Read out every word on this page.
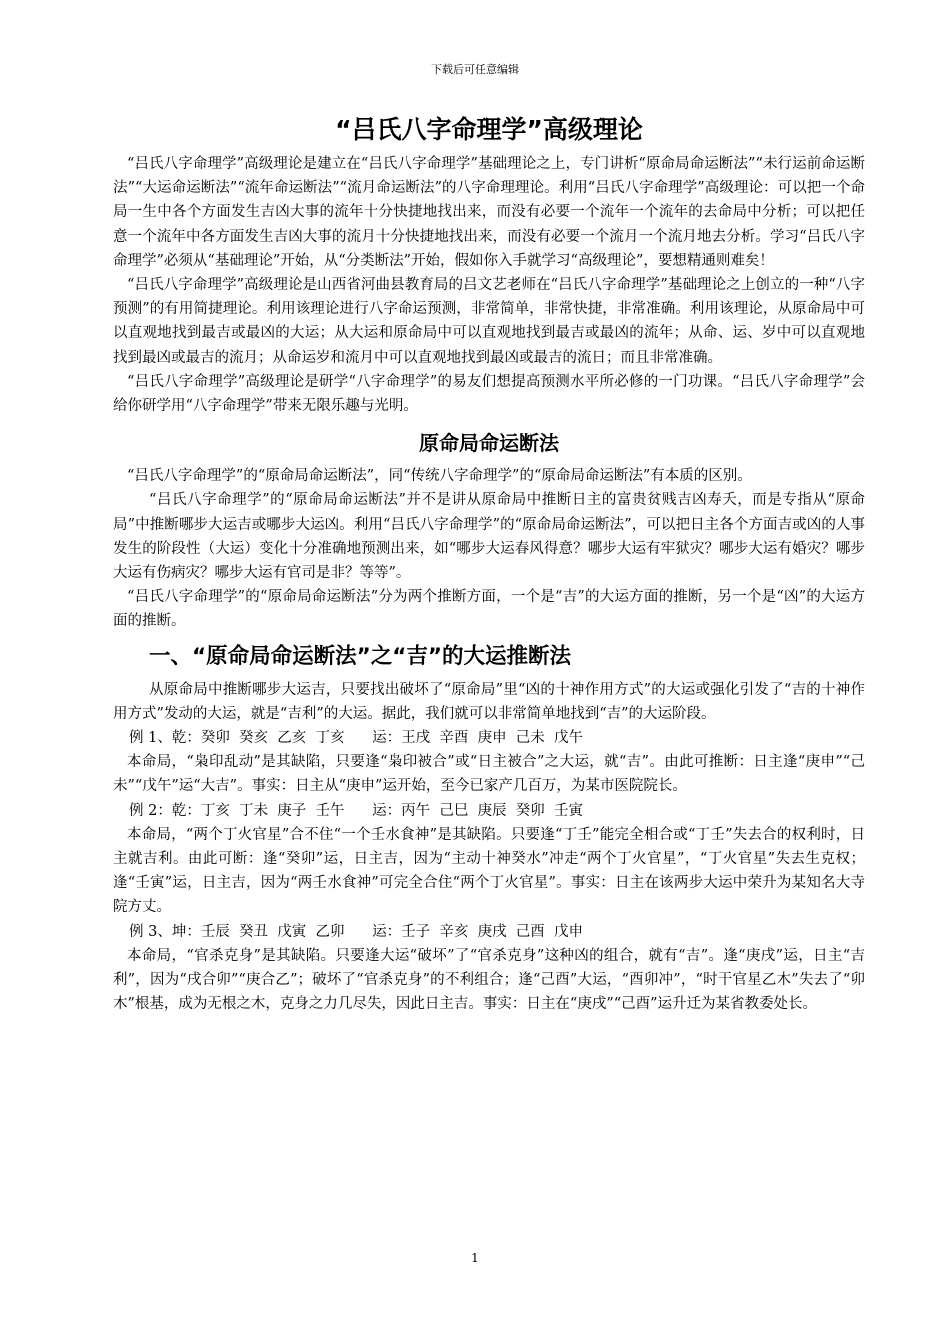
下载后可任意编辑
“吕氏八字命理学”高级理论

“吕氏八字命理学”高级理论是建立在“吕氏八字命理学”基础理论之上，专门讲析“原命局命运断法”“未行运前命运断法”“大运命运断法”“流年命运断法”“流月命运断法”的八字命理理论。利用“吕氏八字命理学”高级理论：可以把一个命局一生中各个方面发生吉凶大事的流年十分快捷地找出来，而没有必要一个流年一个流年的去命局中分析；可以把任意一个流年中各方面发生吉凶大事的流月十分快捷地找出来，而没有必要一个流月一个流月地去分析。学习“吕氏八字命理学”必须从“基础理论”开始，从“分类断法”开始，假如你入手就学习“高级理论”，要想精通则难矣！

“吕氏八字命理学”高级理论是山西省河曲县教育局的吕文艺老师在“吕氏八字命理学”基础理论之上创立的一种“八字预测”的有用简捷理论。利用该理论进行八字命运预测，非常简单，非常快捷，非常准确。利用该理论，从原命局中可以直观地找到最吉或最凶的大运；从大运和原命局中可以直观地找到最吉或最凶的流年；从命、运、岁中可以直观地找到最凶或最吉的流月；从命运岁和流月中可以直观地找到最凶或最吉的流日；而且非常准确。

“吕氏八字命理学”高级理论是研学“八字命理学”的易友们想提高预测水平所必修的一门功课。“吕氏八字命理学”会给你研学用“八字命理学”带来无限乐趣与光明。

原命局命运断法

“吕氏八字命理学”的“原命局命运断法”，同“传统八字命理学”的“原命局命运断法”有本质的区别。

“吕氏八字命理学”的“原命局命运断法”并不是讲从原命局中推断日主的富贵贫贱吉凶寿夭，而是专指从“原命局”中推断哪步大运吉或哪步大运凶。利用“吕氏八字命理学”的“原命局命运断法”，可以把日主各个方面吉或凶的人事发生的阶段性（大运）变化十分准确地预测出来，如“哪步大运春风得意？哪步大运有牢狱灾？哪步大运有婚灾？哪步大运有伤病灾？哪步大运有官司是非？等等”。

“吕氏八字命理学”的“原命局命运断法”分为两个推断方面，一个是“吉”的大运方面的推断，另一个是“凶”的大运方面的推断。

一、“原命局命运断法”之“吉”的大运推断法

从原命局中推断哪步大运吉，只要找出破坏了“原命局”里“凶的十神作用方式”的大运或强化引发了“吉的十神作用方式”发动的大运，就是“吉利”的大运。据此，我们就可以非常简单地找到“吉”的大运阶段。

例 1、乾：癸卯  癸亥  乙亥  丁亥      运：王戌  辛酉  庚申  己未  戊午

本命局，“枭印乱动”是其缺陷，只要逢“枭印被合”或“日主被合”之大运，就“吉”。由此可推断：日主逢“庚申”“己未”“戊午”运“大吉”。事实：日主从“庚申”运开始，至今已家产几百万，为某市医院院长。

例 2：乾：丁亥  丁未  庚子  壬午      运：丙午  己巳  庚辰  癸卯  壬寅

本命局，“两个丁火官星”合不住“一个壬水食神”是其缺陷。只要逢“丁壬”能完全相合或“丁壬”失去合的权利时，日主就吉利。由此可断：逢“癸卯”运，日主吉，因为“主动十神癸水”冲走“两个丁火官星”，“丁火官星”失去生克权；逢“壬寅”运，日主吉，因为“两壬水食神”可完全合住“两个丁火官星”。事实：日主在该两步大运中荣升为某知名大寺院方丈。

例 3、坤：壬辰  癸丑  戊寅  乙卯      运：壬子  辛亥  庚戌  己酉  戊申

本命局，“官杀克身”是其缺陷。只要逢大运“破坏”了“官杀克身”这种凶的组合，就有“吉”。逢“庚戌”运，日主“吉利”，因为“戌合卯”“庚合乙”；破坏了“官杀克身”的不利组合；逢“己酉”大运，“酉卯冲”，“时干官星乙木”失去了“卯木”根基，成为无根之木，克身之力几尽失，因此日主吉。事实：日主在“庚戌”“己酉”运升迁为某省教委处长。

1
